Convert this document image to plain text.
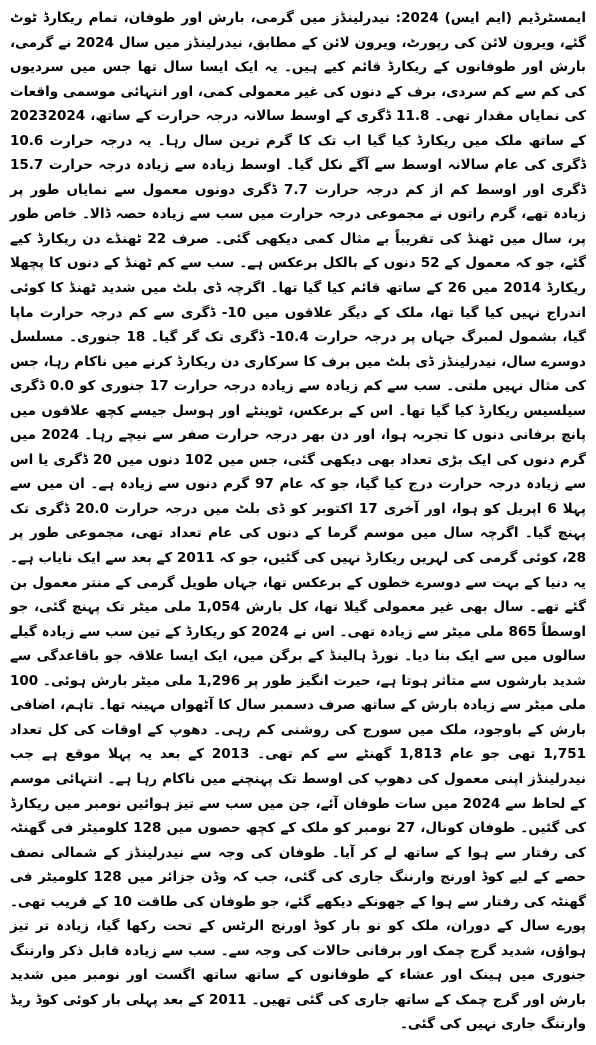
ایمسٹرڈیم (ایم ایس) 2024: نیدرلینڈز میں گرمی، بارش اور طوفان، تمام ریکارڈ ٹوٹ گئے، ویرون لائن کی رپورٹ، ویرون لائن کے مطابق، نیدرلینڈز میں سال 2024 نے گرمی، بارش اور طوفانوں کے ریکارڈ قائم کیے ہیں۔ یہ ایک ایسا سال تھا جس میں سردیوں کی کم سے کم سردی، برف کے دنوں کی غیر معمولی کمی، اور انتہائی موسمی واقعات کی نمایاں مقدار تھی۔ 11.8 ڈگری کے اوسط سالانہ درجہ حرارت کے ساتھ، 20232024 کے ساتھ ملک میں ریکارڈ کیا گیا اب تک کا گرم ترین سال رہا۔ یہ درجہ حرارت 10.6 ڈگری کی عام سالانہ اوسط سے آگے نکل گیا۔ اوسط زیادہ سے زیادہ درجہ حرارت 15.7 ڈگری اور اوسط کم از کم درجہ حرارت 7.7 ڈگری دونوں معمول سے نمایاں طور پر زیادہ تھے، گرم راتوں نے مجموعی درجہ حرارت میں سب سے زیادہ حصہ ڈالا۔ خاص طور پر، سال میں ٹھنڈ کی تقریباً بے مثال کمی دیکھی گئی۔ صرف 22 ٹھنڈے دن ریکارڈ کیے گئے، جو کہ معمول کے 52 دنوں کے بالکل برعکس ہے۔ سب سے کم ٹھنڈ کے دنوں کا پچھلا ریکارڈ 2014 میں 26 کے ساتھ قائم کیا گیا تھا۔ اگرچہ ڈی بلٹ میں شدید ٹھنڈ کا کوئی اندراج نہیں کیا گیا تھا، ملک کے دیگر علاقوں میں 10- ڈگری سے کم درجہ حرارت ماپا گیا، بشمول لمبرگ جہاں پر درجہ حرارت 10.4- ڈگری تک گر گیا۔ 18 جنوری۔ مسلسل دوسرے سال، نیدرلینڈز ڈی بلٹ میں برف کا سرکاری دن ریکارڈ کرنے میں ناکام رہا، جس کی مثال نہیں ملتی۔ سب سے کم زیادہ سے زیادہ درجہ حرارت 17 جنوری کو 0.0 ڈگری سیلسیس ریکارڈ کیا گیا تھا۔ اس کے برعکس، ٹوینٹے اور ہوسل جیسے کچھ علاقوں میں پانچ برفانی دنوں کا تجربہ ہوا، اور دن بھر درجہ حرارت صفر سے نیچے رہا۔ 2024 میں گرم دنوں کی ایک بڑی تعداد بھی دیکھی گئی، جس میں 102 دنوں میں 20 ڈگری یا اس سے زیادہ درجہ حرارت درج کیا گیا، جو کہ عام 97 گرم دنوں سے زیادہ ہے۔ ان میں سے پہلا 6 اپریل کو ہوا، اور آخری 17 اکتوبر کو ڈی بلٹ میں درجہ حرارت 20.0 ڈگری تک پہنچ گیا۔ اگرچہ سال میں موسم گرما کے دنوں کی عام تعداد تھی، مجموعی طور پر 28، کوئی گرمی کی لہریں ریکارڈ نہیں کی گئیں، جو کہ 2011 کے بعد سے ایک نایاب ہے۔ یہ دنیا کے بہت سے دوسرے خطوں کے برعکس تھا، جہاں طویل گرمی کے منتر معمول بن گئے تھے۔ سال بھی غیر معمولی گیلا تھا، کل بارش 1,054 ملی میٹر تک پہنچ گئی، جو اوسطاً 865 ملی میٹر سے زیادہ تھی۔ اس نے 2024 کو ریکارڈ کے تین سب سے زیادہ گیلے سالوں میں سے ایک بنا دیا۔ نورڈ ہالینڈ کے برگن میں، ایک ایسا علاقہ جو باقاعدگی سے شدید بارشوں سے متاثر ہوتا ہے، حیرت انگیز طور پر 1,296 ملی میٹر بارش ہوئی۔ 100 ملی میٹر سے زیادہ بارش کے ساتھ صرف دسمبر سال کا آٹھواں مہینہ تھا۔ تاہم، اضافی بارش کے باوجود، ملک میں سورج کی روشنی کم رہی۔ دھوپ کے اوقات کی کل تعداد 1,751 تھی جو عام 1,813 گھنٹے سے کم تھی۔ 2013 کے بعد یہ پہلا موقع ہے جب نیدرلینڈز اپنی معمول کی دھوپ کی اوسط تک پہنچنے میں ناکام رہا ہے۔ انتہائی موسم کے لحاظ سے 2024 میں سات طوفان آئے، جن میں سب سے تیز ہوائیں نومبر میں ریکارڈ کی گئیں۔ طوفان کونال، 27 نومبر کو ملک کے کچھ حصوں میں 128 کلومیٹر فی گھنٹہ کی رفتار سے ہوا کے ساتھ لے کر آیا۔ طوفان کی وجہ سے نیدرلینڈز کے شمالی نصف حصے کے لیے کوڈ اورنج وارننگ جاری کی گئی، جب کہ وڈن جزائر میں 128 کلومیٹر فی گھنٹہ کی رفتار سے ہوا کے جھونکے دیکھے گئے، جو طوفان کی طاقت 10 کے قریب تھی۔ پورے سال کے دوران، ملک کو نو بار کوڈ اورنج الرٹس کے تحت رکھا گیا، زیادہ تر تیز ہواؤں، شدید گرج چمک اور برفانی حالات کی وجہ سے۔ سب سے زیادہ قابل ذکر وارننگ جنوری میں ہینک اور عشاء کے طوفانوں کے ساتھ ساتھ اگست اور نومبر میں شدید بارش اور گرج چمک کے ساتھ جاری کی گئی تھیں۔ 2011 کے بعد پہلی بار کوئی کوڈ ریڈ وارننگ جاری نہیں کی گئی۔
